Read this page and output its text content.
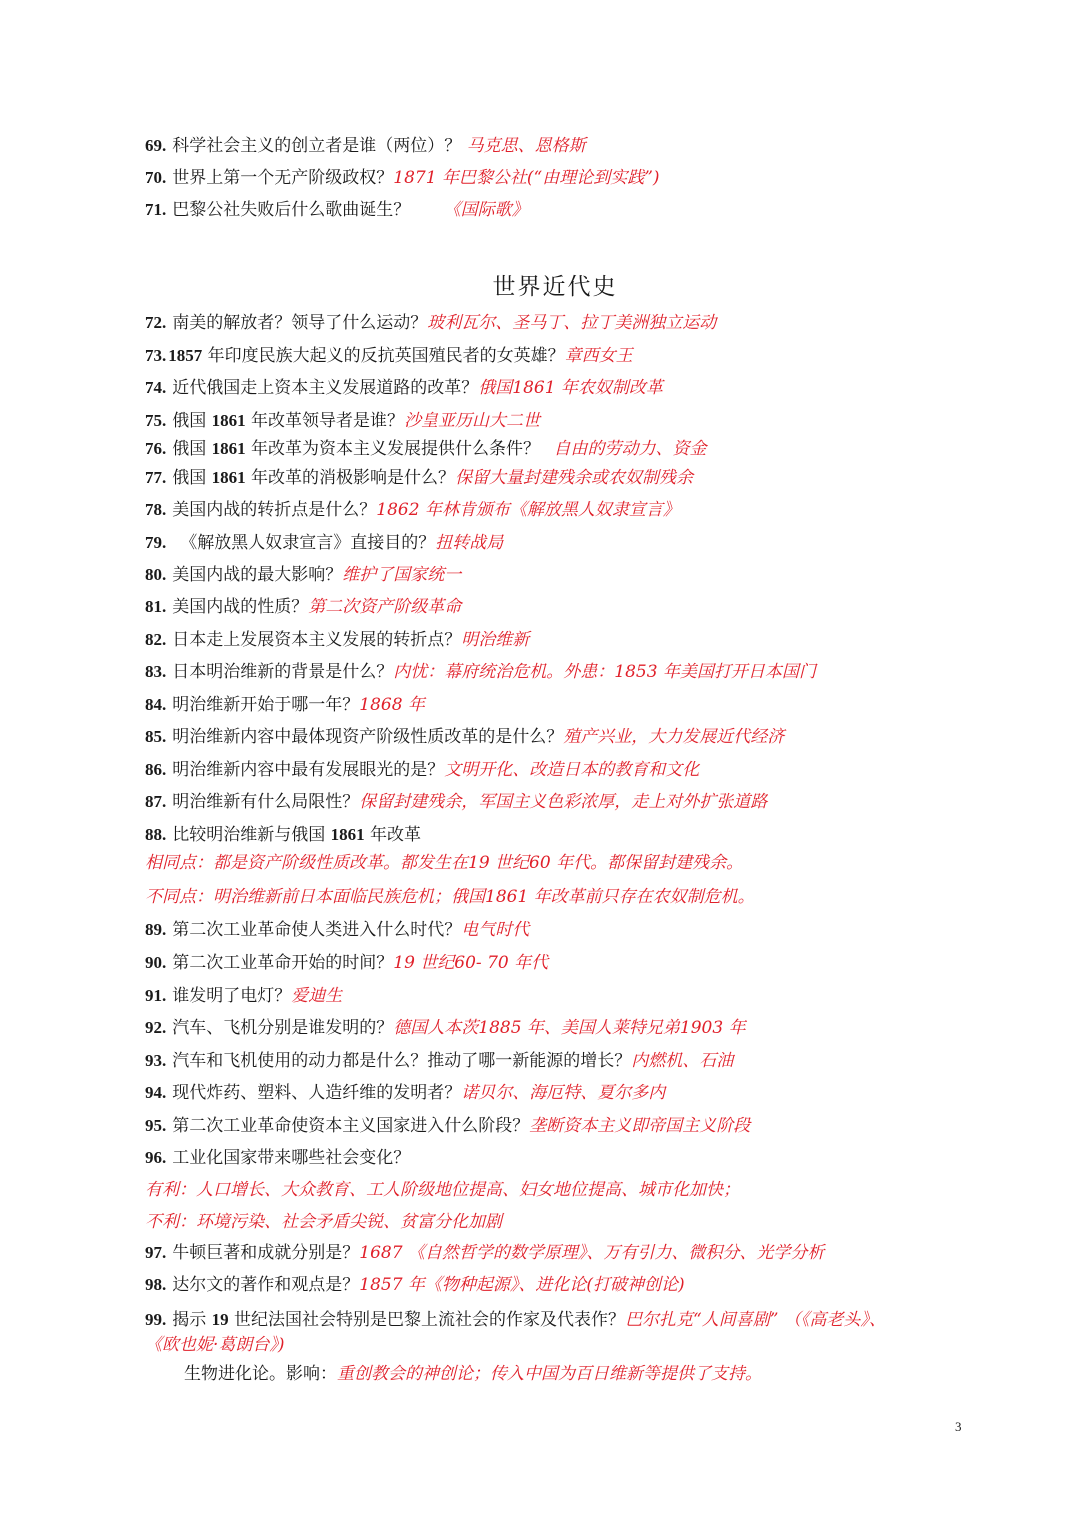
69. 科学社会主义的创立者是谁（两位）？ 马克思、恩格斯
70. 世界上第一个无产阶级政权？1871 年巴黎公社(“由理论到实践”)
71. 巴黎公社失败后什么歌曲诞生？ 《国际歌》
世界近代史
72. 南美的解放者？领导了什么运动？玻利瓦尔、圣马丁、拉丁美洲独立运动
73. 1857 年印度民族大起义的反抗英国殖民者的女英雄？章西女王
74. 近代俄国走上资本主义发展道路的改革？俄国1861 年农奴制改革
75. 俄国 1861 年改革领导者是谁？沙皇亚历山大二世
76. 俄国 1861 年改革为资本主义发展提供什么条件？ 自由的劳动力、资金
77. 俄国 1861 年改革的消极影响是什么？保留大量封建残余或农奴制残余
78. 美国内战的转折点是什么？1862 年林肯颁布《解放黑人奴隶宣言》
79. 《解放黑人奴隶宣言》直接目的？扭转战局
80. 美国内战的最大影响？维护了国家统一
81. 美国内战的性质？第二次资产阶级革命
82. 日本走上发展资本主义发展的转折点？明治维新
83. 日本明治维新的背景是什么？内忧：幕府统治危机。外患：1853 年美国打开日本国门
84. 明治维新开始于哪一年？1868 年
85. 明治维新内容中最体现资产阶级性质改革的是什么？殖产兴业，大力发展近代经济
86. 明治维新内容中最有发展眼光的是？文明开化、改造日本的教育和文化
87. 明治维新有什么局限性？保留封建残余，军国主义色彩浓厚，走上对外扩张道路
88. 比较明治维新与俄国 1861 年改革
相同点：都是资产阶级性质改革。都发生在19 世纪60 年代。都保留封建残余。
不同点：明治维新前日本面临民族危机；俄国1861 年改革前只存在农奴制危机。
89. 第二次工业革命使人类进入什么时代？电气时代
90. 第二次工业革命开始的时间？19 世纪60- 70 年代
91. 谁发明了电灯？爱迪生
92. 汽车、飞机分别是谁发明的？德国人本茨1885 年、美国人莱特兄弟1903 年
93. 汽车和飞机使用的动力都是什么？推动了哪一新能源的增长？内燃机、石油
94. 现代炸药、塑料、人造纤维的发明者？诺贝尔、海厄特、夏尔多内
95. 第二次工业革命使资本主义国家进入什么阶段？垄断资本主义即帝国主义阶段
96. 工业化国家带来哪些社会变化？
有利：人口增长、大众教育、工人阶级地位提高、妇女地位提高、城市化加快；
不利：环境污染、社会矛盾尖锐、贫富分化加剧
97. 牛顿巨著和成就分别是？1687 《自然哲学的数学原理》、万有引力、微积分、光学分析
98. 达尔文的著作和观点是？1857 年《物种起源》、进化论(打破神创论)
99. 揭示 19 世纪法国社会特别是巴黎上流社会的作家及代表作？巴尔扎克“人间喜剧” （《高老头》、
《欧也妮·葛朗台》)
生物进化论。影响：重创教会的神创论；传入中国为百日维新等提供了支持。
3
